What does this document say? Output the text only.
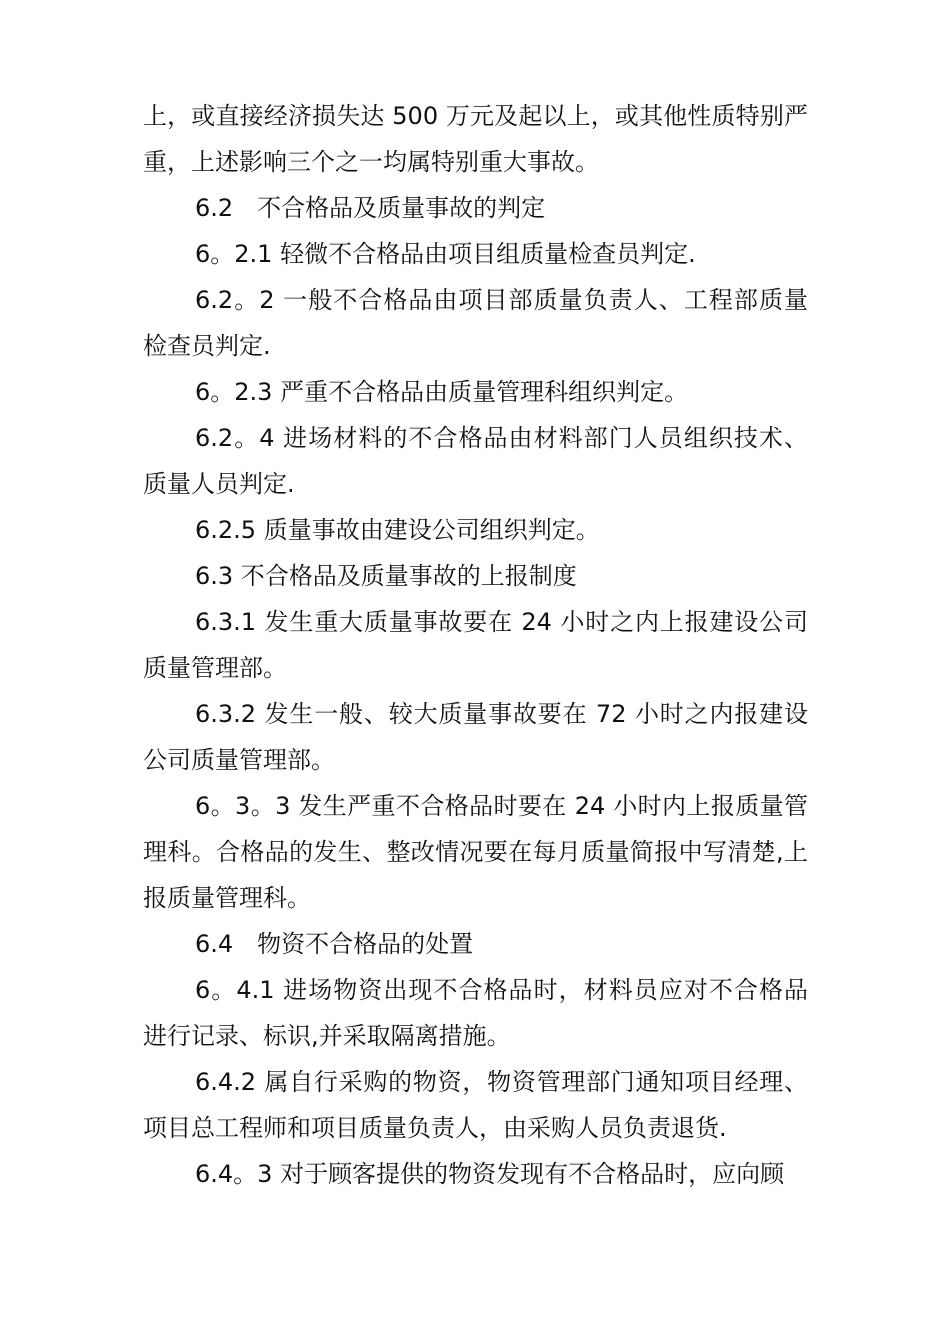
上，或直接经济损失达 500 万元及起以上，或其他性质特别严重，上述影响三个之一均属特别重大事故。

6.2　不合格品及质量事故的判定

6。2.1 轻微不合格品由项目组质量检查员判定.

6.2。2 一般不合格品由项目部质量负责人、工程部质量检查员判定.

6。2.3 严重不合格品由质量管理科组织判定。

6.2。4 进场材料的不合格品由材料部门人员组织技术、质量人员判定.

6.2.5 质量事故由建设公司组织判定。

6.3 不合格品及质量事故的上报制度

6.3.1 发生重大质量事故要在 24 小时之内上报建设公司质量管理部。

6.3.2 发生一般、较大质量事故要在 72 小时之内报建设公司质量管理部。

6。3。3 发生严重不合格品时要在 24 小时内上报质量管理科。合格品的发生、整改情况要在每月质量简报中写清楚,上报质量管理科。

6.4　物资不合格品的处置

6。4.1 进场物资出现不合格品时，材料员应对不合格品进行记录、标识,并采取隔离措施。

6.4.2 属自行采购的物资，物资管理部门通知项目经理、项目总工程师和项目质量负责人，由采购人员负责退货.

6.4。3 对于顾客提供的物资发现有不合格品时，应向顾
